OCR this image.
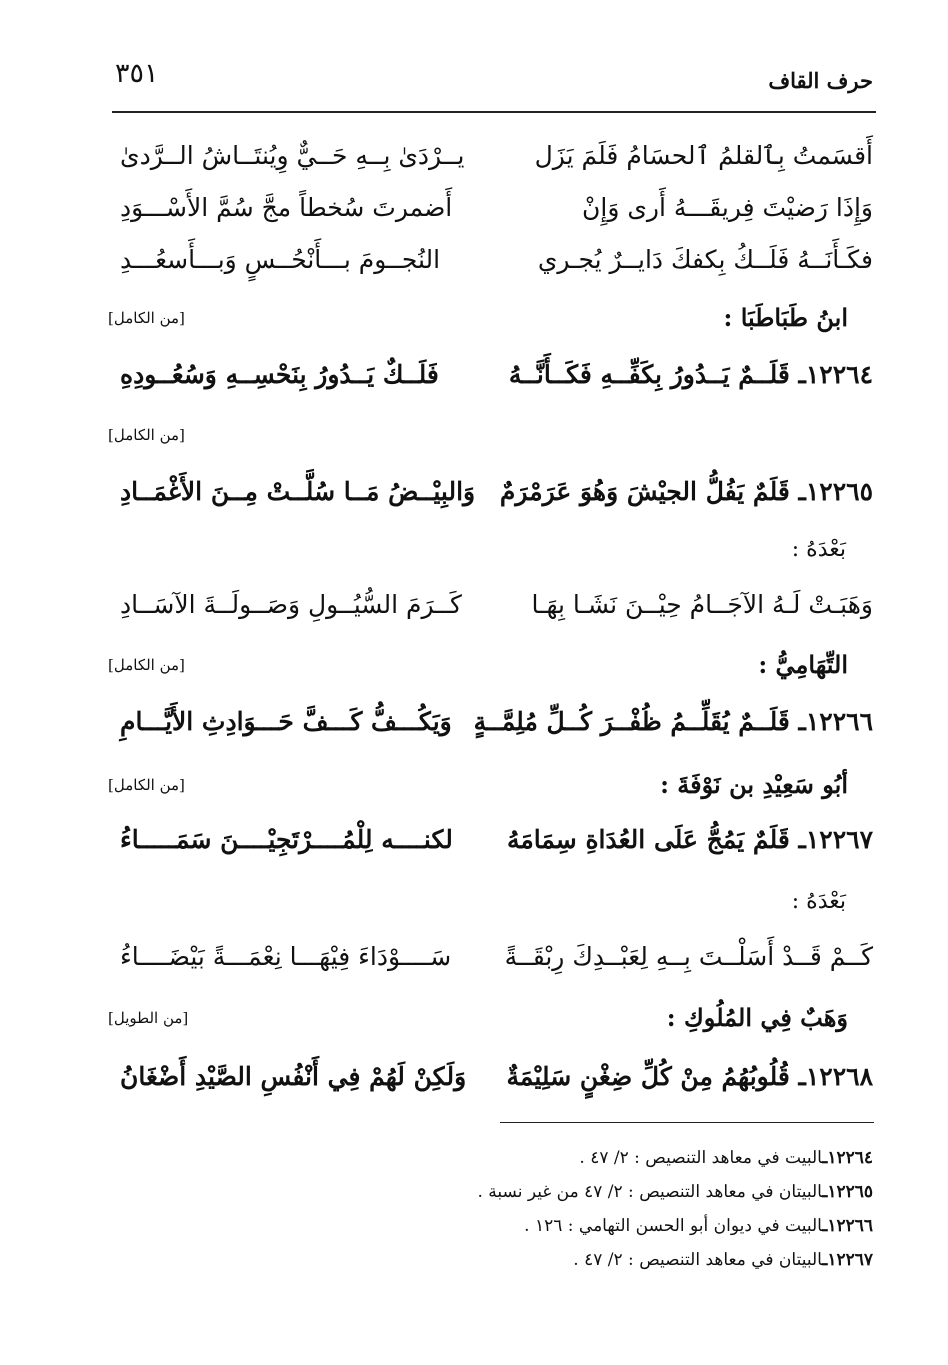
حرف القاف
٣٥١
أَقسَمتُ بِٱلقلمُ ٱلحسَامُ فَلَمَ يَزَل
يــرْدَىٰ بِــهِ حَــيٌّ وِيُنتَــاشُ الــرَّدىٰ
وَإِذَا رَضيْتَ فِريقَـــهُ أَرى وَإِنْ
أَضمرتَ سُخطاً مجَّ سُمَّ الأَسْـــوَدِ
فكَـأَنَــهُ فَلَــكُ بِكفكَ دَايــرٌ يُجـري
النُجــومَ بـــأَنْحُــسٍ وَبـــأَسعُـــدِ
ابنُ طَبَاطَبَا :
[من الكامل]
١٢٢٦٤ـ قَلَــمٌ يَــدُورُ بِكَفِّــهِ فَكَــأَنَّــهُ
فَلَــكٌ يَــدُورُ بِنَحْسِــهِ وَسُعُــودِهِ
[من الكامل]
١٢٢٦٥ـ قَلَمٌ يَفُلُّ الجيْشَ وَهُوَ عَرَمْرَمٌ
وَالبِيْــضُ مَــا سُلَّــتْ مِــنَ الأَغْمَــادِ
بَعْدَهُ :
وَهَبَـتْ لَـهُ الآجَــامُ حِيْــنَ نَشَـا بِهَـا
كَــرَمَ السُّيُــولِ وَصَــولَــةَ الآسَــادِ
التِّهَامِيُّ :
[من الكامل]
١٢٢٦٦ـ قَلَــمٌ يُقَلِّــمُ ظُفْــرَ كُــلِّ مُلِمَّــةٍ
وَيَكُـــفُّ كَـــفَّ حَـــوَادِثِ الأَيَّـــامِ
أبُو سَعِيْدِ بن نَوْفَةَ :
[من الكامل]
١٢٢٦٧ـ قَلَمٌ يَمُجُّ عَلَى العُدَاةِ سِمَامَهُ
لكنــــه لِلْمُــــرْتَجِيْــــنَ سَمَـــــاءُ
بَعْدَهُ :
كَــمْ قَــدْ أَسَلْــتَ بِــهِ لِعَبْــدِكَ رِبْقَــةً
سَــــوْدَاءَ فِيْهَـــا نِعْمَـــةً بَيْضَــــاءُ
وَهَبٌ فِي المُلُوكِ :
[من الطويل]
١٢٢٦٨ـ قُلُوبُهُمُ مِنْ كُلِّ ضِغْنٍ سَلِيْمَةٌ
وَلَكِنْ لَهُمْ فِي أَنْفُسِ الصَّيْدِ أَضْغَانُ
١٢٢٦٤ـالبيت في معاهد التنصيص : ٢/ ٤٧ .
١٢٢٦٥ـالبيتان في معاهد التنصيص : ٢/ ٤٧ من غير نسبة .
١٢٢٦٦ـالبيت في ديوان أبو الحسن التهامي : ١٢٦ .
١٢٢٦٧ـالبيتان في معاهد التنصيص : ٢/ ٤٧ .
